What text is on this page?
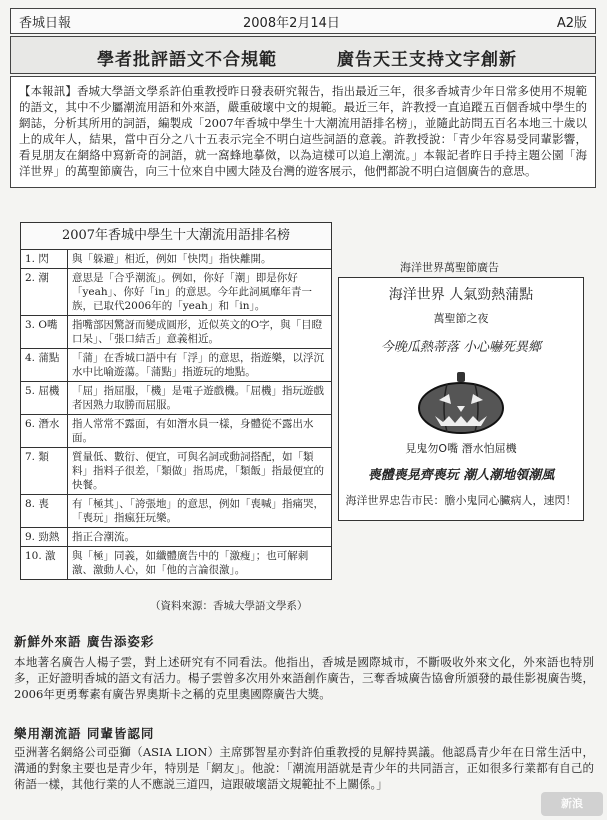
香城日報	2008年2月14日	A2版
學者批評語文不合規範	廣告天王支持文字創新

【本報訊】香城大學語文學系許伯重教授昨日發表研究報告，指出最近三年，很多香城青少年日常多使用不規範的語文，其中不少屬潮流用語和外來語，嚴重破壞中文的規範。最近三年，許教授一直追蹤五百個香城中學生的網誌，分析其所用的詞語，編製成「2007年香城中學生十大潮流用語排名榜」，並隨此訪問五百名本地三十歲以上的成年人，結果，當中百分之八十五表示完全不明白這些詞語的意義。許教授說：「青少年容易受同輩影響，看見朋友在網絡中寫新奇的詞語，就一窩蜂地摹傚，以為這樣可以追上潮流。」本報記者昨日手持主題公園「海洋世界」的萬聖節廣告，向三十位來自中國大陸及台灣的遊客展示，他們都說不明白這個廣告的意思。

2007年香城中學生十大潮流用語排名榜
1. 閃	與「躲避」相近，例如「快閃」指快離開。
2. 潮	意思是「合乎潮流」。例如，你好「潮」即是你好「yeah」、你好「in」的意思。今年此詞風靡年青一族，已取代2006年的「yeah」和「in」。
3. O嘴	指嘴部因驚訝而變成圓形，近似英文的O字，與「目瞪口呆」、「張口結舌」意義相近。
4. 蒲點	「蒲」在香城口語中有「浮」的意思，指遊樂，以浮沉水中比喻遊蕩。「蒲點」指遊玩的地點。
5. 屈機	「屈」指屈服，「機」是電子遊戲機。「屈機」指玩遊戲者因熟力取勝而屈服。
6. 潛水	指人常常不露面，有如潛水員一樣，身體從不露出水面。
7. 類	質量低、數衍、便宜，可與名詞或動詞搭配，如「類料」指料子很差，「類做」指馬虎，「類飯」指最便宜的快餐。
8. 喪	有「極其」、「誇張地」的意思，例如「喪喊」指痛哭，「喪玩」指瘋狂玩樂。
9. 勁熱	指正合潮流。
10. 激	與「極」同義，如纖體廣告中的「激瘦」；也可解刺激、激動人心，如「他的言論很激」。
（資料來源：香城大學語文學系）
海洋世界萬聖節廣告
海洋世界 人氣勁熱蒲點
萬聖節之夜
今晚瓜熱蒂落 小心嚇死異鄉
見鬼勿O嘴 潛水怕屈機
喪體喪晃齊喪玩 潮人潮地領潮風
海洋世界忠告市民：膽小鬼同心臟病人，速閃！
新鮮外來語 廣告添姿彩

本地著名廣告人楊子雲，對上述研究有不同看法。他指出，香城是國際城市，不斷吸收外來文化，外來語也特別多，正好證明香城的語文有活力。楊子雲曾多次用外來語創作廣告，三奪香城廣告協會所頒發的最佳影視廣告獎，2006年更勇奪素有廣告界奧斯卡之稱的克里奧國際廣告大獎。

樂用潮流語 同輩皆認同

亞洲著名網絡公司亞獅（ASIA LION）主席鄧智星亦對許伯重教授的見解持異議。他認爲青少年在日常生活中，溝通的對象主要也是青少年，特別是「網友」。他說：「潮流用語就是青少年的共同語言，正如很多行業都有自己的術語一樣，其他行業的人不應説三道四，這跟破壞語文規範扯不上關係。」

新浪
